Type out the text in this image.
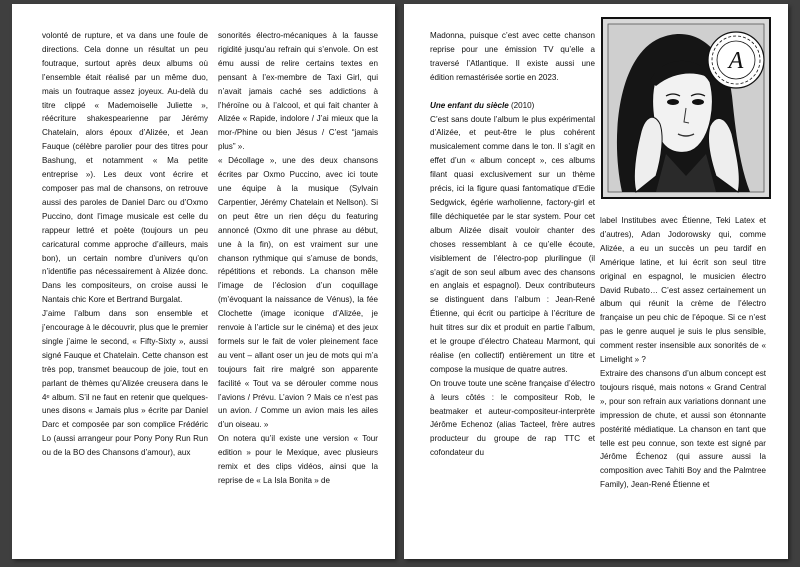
volonté de rupture, et va dans une foule de directions. Cela donne un résultat un peu foutraque, surtout après deux albums où l’ensemble était réalisé par un même duo, mais un foutraque assez joyeux. Au-delà du titre clippé « Mademoiselle Juliette », réécriture shakespearienne par Jérémy Chatelain, alors époux d’Alizée, et Jean Fauque (célèbre parolier pour des titres pour Bashung, et notamment « Ma petite entreprise »). Les deux vont écrire et composer pas mal de chansons, on retrouve aussi des paroles de Daniel Darc ou d’Oxmo Puccino, dont l’image musicale est celle du rappeur lettré et poète (toujours un peu caricatural comme approche d’ailleurs, mais bon), un certain nombre d’univers qu’on n’identifie pas nécessairement à Alizée donc. Dans les compositeurs, on croise aussi le Nantais chic Kore et Bertrand Burgalat.

J’aime l’album dans son ensemble et j’encourage à le découvrir, plus que le premier single j’aime le second, « Fifty-Sixty », aussi signé Fauque et Chatelain. Cette chanson est très pop, transmet beaucoup de joie, tout en parlant de thèmes qu’Alizée creusera dans le 4ᵉ album. S’il ne faut en retenir que quelques-unes disons « Jamais plus » écrite par Daniel Darc et composée par son complice Frédéric Lo (aussi arrangeur pour Pony Pony Run Run ou de la BO des Chansons d’amour), aux

sonorités électro-mécaniques à la fausse rigidité jusqu’au refrain qui s’envole. On est ému aussi de relire certains textes en pensant à l’ex-membre de Taxi Girl, qui n’avait jamais caché ses addictions à l’héroïne ou à l’alcool, et qui fait chanter à Alizée « Rapide, indolore / J’ai mieux que la mor-/Phine ou bien Jésus / C’est “jamais plus” ».

« Décollage », une des deux chansons écrites par Oxmo Puccino, avec ici toute une équipe à la musique (Sylvain Carpentier, Jérémy Chatelain et Nellson). Si on peut être un rien déçu du featuring annoncé (Oxmo dit une phrase au début, une à la fin), on est vraiment sur une chanson rythmique qui s’amuse de bonds, répétitions et rebonds. La chanson mêle l’image de l’éclosion d’un coquillage (m’évoquant la naissance de Vénus), la fée Clochette (image iconique d’Alizée, je renvoie à l’article sur le cinéma) et des jeux formels sur le fait de voler pleinement face au vent – allant oser un jeu de mots qui m’a toujours fait rire malgré son apparente facilité « Tout va se dérouler comme nous l’avions / Prévu. L’avion ? Mais ce n’est pas un avion. / Comme un avion mais les ailes d’un oiseau. »

On notera qu’il existe une version « Tour edition » pour le Mexique, avec plusieurs remix et des clips vidéos, ainsi que la reprise de « La Isla Bonita » de

Madonna, puisque c’est avec cette chanson reprise pour une émission TV qu’elle a traversé l’Atlantique. Il existe aussi une édition remastérisée sortie en 2023.

Une enfant du siècle (2010)

C’est sans doute l’album le plus expérimental d’Alizée, et peut-être le plus cohérent musicalement comme dans le ton. Il s’agit en effet d’un « album concept », ces albums filant quasi exclusivement sur un thème précis, ici la figure quasi fantomatique d’Edie Sedgwick, égérie warholienne, factory-girl et fille déchiquetée par le star system. Pour cet album Alizée disait vouloir chanter des choses ressemblant à ce qu’elle écoute, visiblement de l’électro-pop plurilingue (il s’agit de son seul album avec des chansons en anglais et espagnol). Deux contributeurs se distinguent dans l’album : Jean-René Étienne, qui écrit ou participe à l’écriture de huit titres sur dix et produit en partie l’album, et le groupe d’électro Chateau Marmont, qui réalise (en collectif) entièrement un titre et compose la musique de quatre autres.

On trouve toute une scène française d’électro à leurs côtés : le compositeur Rob, le beatmaker et auteur-compositeur-interprète Jérôme Echenoz (alias Tacteel, frère autres producteur du groupe de rap TTC et cofondateur du

A

label Institubes avec Étienne, Teki Latex et d’autres), Adan Jodorowsky qui, comme Alizée, a eu un succès un peu tardif en Amérique latine, et lui écrit son seul titre original en espagnol, le musicien électro David Rubato… C’est assez certainement un album qui réunit la crème de l’électro française un peu chic de l’époque. Si ce n’est pas le genre auquel je suis le plus sensible, comment rester insensible aux sonorités de « Limelight » ?

Extraire des chansons d’un album concept est toujours risqué, mais notons « Grand Central », pour son refrain aux variations donnant une impression de chute, et aussi son étonnante postérité médiatique. La chanson en tant que telle est peu connue, son texte est signé par Jérôme Échenoz (qui assure aussi la composition avec Tahiti Boy and the Palmtree Family), Jean-René Étienne et
